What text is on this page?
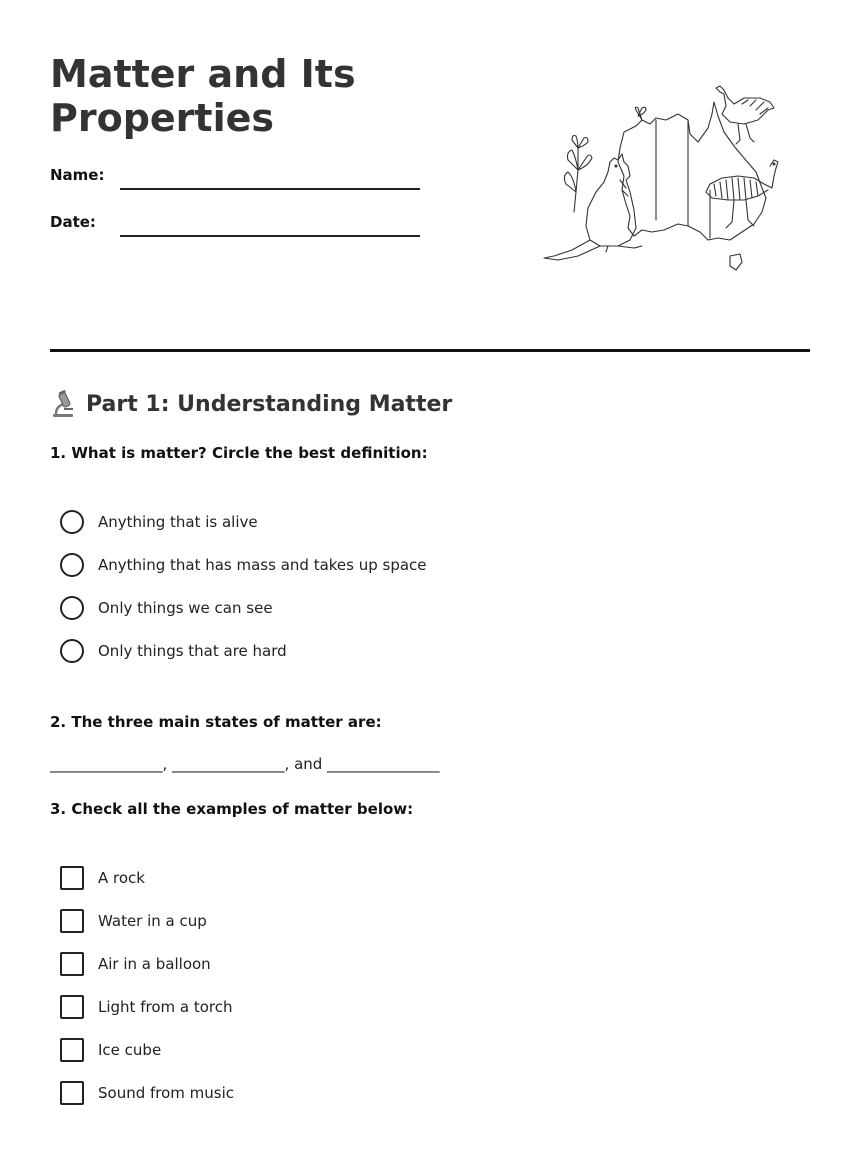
Matter and Its Properties
Name:
Date:
Part 1: Understanding Matter

1. What is matter? Circle the best definition:

Anything that is alive
Anything that has mass and takes up space
Only things we can see
Only things that are hard

2. The three main states of matter are:

_______________, _______________, and _______________

3. Check all the examples of matter below:

A rock
Water in a cup
Air in a balloon
Light from a torch
Ice cube
Sound from music
